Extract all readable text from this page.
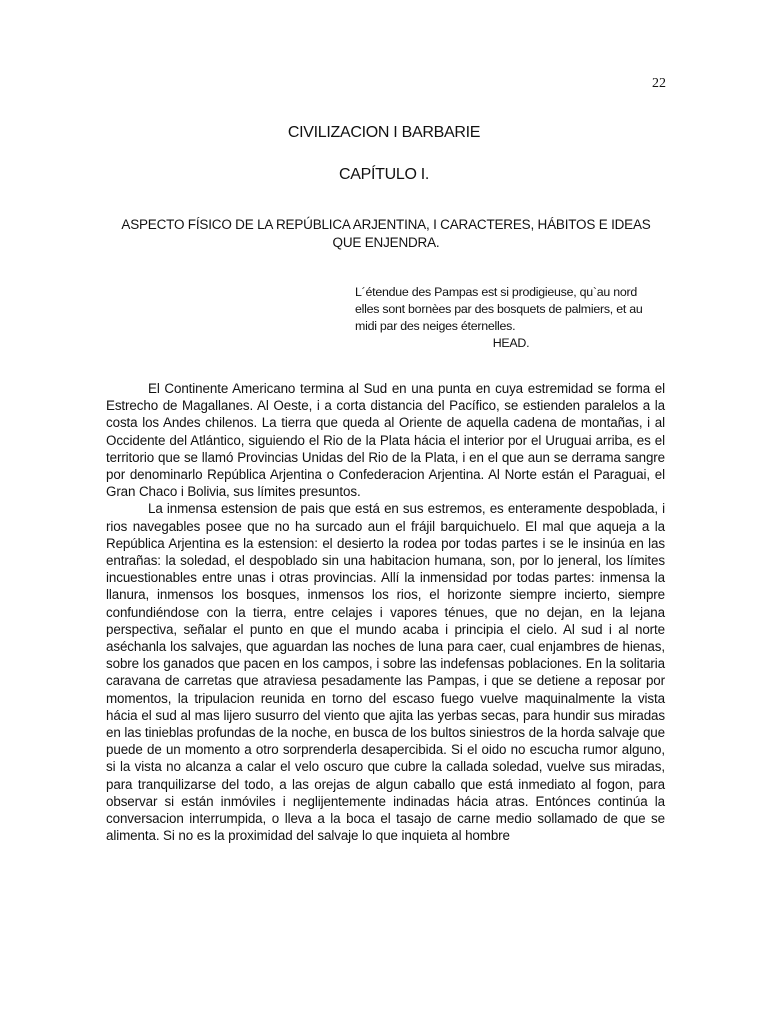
22
CIVILIZACION I BARBARIE
CAPÍTULO I.
ASPECTO FÍSICO DE LA REPÚBLICA ARJENTINA, I CARACTERES, HÁBITOS E IDEAS QUE ENJENDRA.
L´étendue des Pampas est si prodigieuse, qu`au nord elles sont bornèes par des bosquets de palmiers, et au midi par des neiges éternelles.
HEAD.

El Continente Americano termina al Sud en una punta en cuya estremidad se forma el Estrecho de Magallanes. Al Oeste, i a corta distancia del Pacífico, se estienden paralelos a la costa los Andes chilenos. La tierra que queda al Oriente de aquella cadena de montañas, i al Occidente del Atlántico, siguiendo el Rio de la Plata hácia el interior por el Uruguai arriba, es el territorio que se llamó Provincias Unidas del Rio de la Plata, i en el que aun se derrama sangre por denominarlo República Arjentina o Confederacion Arjentina. Al Norte están el Paraguai, el Gran Chaco i Bolivia, sus límites presuntos.

La inmensa estension de pais que está en sus estremos, es enteramente despoblada, i rios navegables posee que no ha surcado aun el frájil barquichuelo. El mal que aqueja a la República Arjentina es la estension: el desierto la rodea por todas partes i se le insinúa en las entrañas: la soledad, el despoblado sin una habitacion humana, son, por lo jeneral, los límites incuestionables entre unas i otras provincias. Allí la inmensidad por todas partes: inmensa la llanura, inmensos los bosques, inmensos los rios, el horizonte siempre incierto, siempre confundiéndose con la tierra, entre celajes i vapores ténues, que no dejan, en la lejana perspectiva, señalar el punto en que el mundo acaba i principia el cielo. Al sud i al norte aséchanla los salvajes, que aguardan las noches de luna para caer, cual enjambres de hienas, sobre los ganados que pacen en los campos, i sobre las indefensas poblaciones. En la solitaria caravana de carretas que atraviesa pesadamente las Pampas, i que se detiene a reposar por momentos, la tripulacion reunida en torno del escaso fuego vuelve maquinalmente la vista hácia el sud al mas lijero susurro del viento que ajita las yerbas secas, para hundir sus miradas en las tinieblas profundas de la noche, en busca de los bultos siniestros de la horda salvaje que puede de un momento a otro sorprenderla desapercibida. Si el oido no escucha rumor alguno, si la vista no alcanza a calar el velo oscuro que cubre la callada soledad, vuelve sus miradas, para tranquilizarse del todo, a las orejas de algun caballo que está inmediato al fogon, para observar si están inmóviles i neglijentemente indinadas hácia atras. Entónces continúa la conversacion interrumpida, o lleva a la boca el tasajo de carne medio sollamado de que se alimenta. Si no es la proximidad del salvaje lo que inquieta al hombre
